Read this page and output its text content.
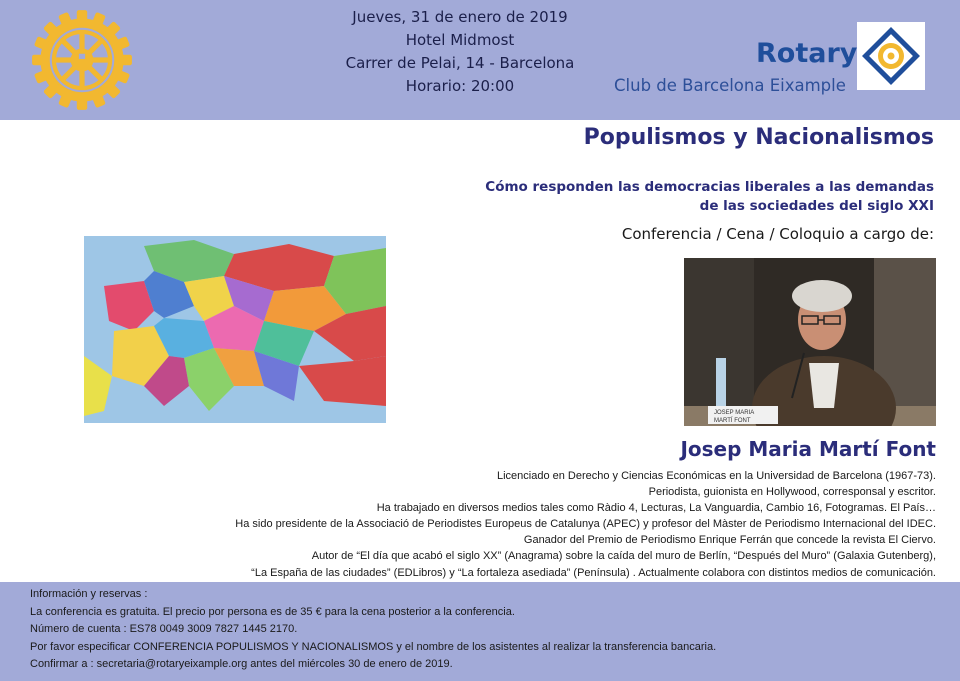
Jueves, 31 de enero de 2019
Hotel Midmost
Carrer de Pelai, 14 - Barcelona
Horario: 20:00
Rotary
Club de Barcelona Eixample
Populismos y Nacionalismos
Cómo responden las democracias liberales a las demandas
de las sociedades del siglo XXI
Conferencia / Cena / Coloquio a cargo de:
JOSEP MARIA
MARTÍ FONT
Josep Maria Martí Font
Licenciado en Derecho y Ciencias Económicas en la Universidad de Barcelona (1967-73).
Periodista, guionista en Hollywood, corresponsal y escritor.
Ha trabajado en diversos medios tales como Ràdio 4, Lecturas, La Vanguardia, Cambio 16, Fotogramas. El País…
Ha sido presidente de la Associació de Periodistes Europeus de Catalunya (APEC) y profesor del Màster de Periodismo Internacional del IDEC.
Ganador del Premio de Periodismo Enrique Ferrán que concede la revista El Ciervo.
Autor de “El día que acabó el siglo XX” (Anagrama) sobre la caída del muro de Berlín, “Después del Muro” (Galaxia Gutenberg),
“La España de las ciudades” (EDLibros) y “La fortaleza asediada” (Península) . Actualmente colabora con distintos medios de comunicación.
Información y reservas :
La conferencia es gratuita. El precio por persona es de 35 € para la cena posterior a la conferencia.
Número de cuenta : ES78 0049 3009 7827 1445 2170.
Por favor especificar CONFERENCIA POPULISMOS Y NACIONALISMOS y el nombre de los asistentes al realizar la transferencia bancaria.
Confirmar a : secretaria@rotaryeixample.org antes del miércoles 30 de enero de 2019.
